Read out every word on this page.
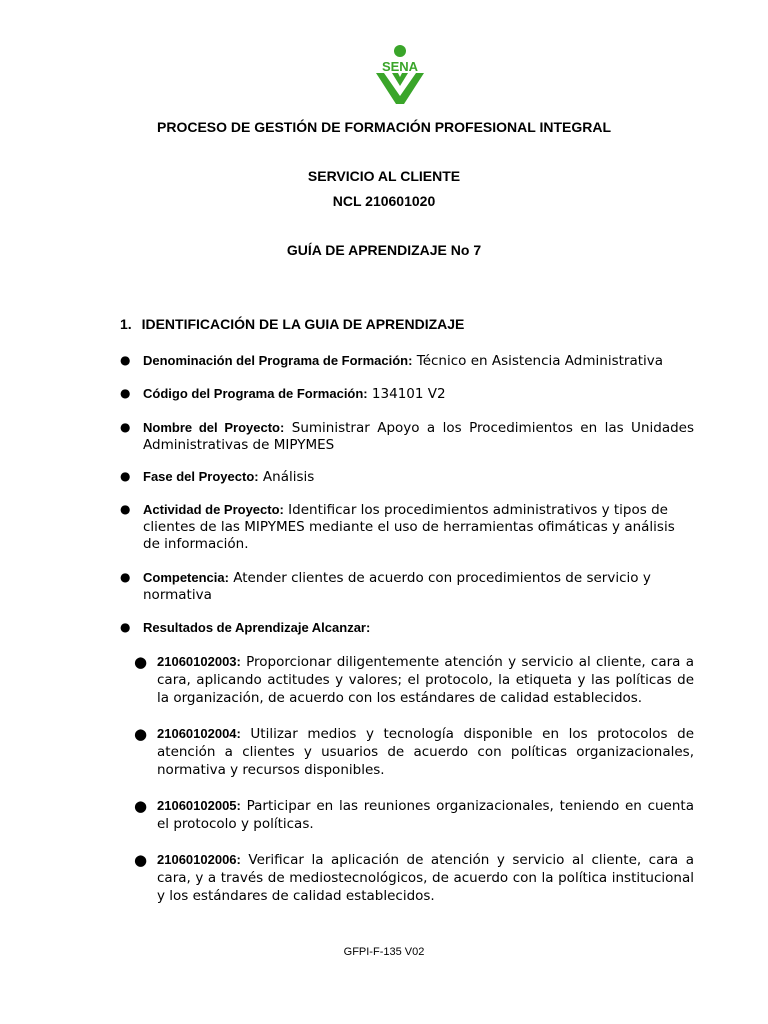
SENA
PROCESO DE GESTIÓN DE FORMACIÓN PROFESIONAL INTEGRAL
SERVICIO AL CLIENTE
NCL 210601020
GUÍA DE APRENDIZAJE No 7
1. IDENTIFICACIÓN DE LA GUIA DE APRENDIZAJE
● Denominación del Programa de Formación: Técnico en Asistencia Administrativa
● Código del Programa de Formación: 134101 V2
● Nombre del Proyecto: Suministrar Apoyo a los Procedimientos en las Unidades Administrativas de MIPYMES
● Fase del Proyecto: Análisis
● Actividad de Proyecto: Identificar los procedimientos administrativos y tipos de clientes de las MIPYMES mediante el uso de herramientas ofimáticas y análisis de información.
● Competencia: Atender clientes de acuerdo con procedimientos de servicio y normativa
● Resultados de Aprendizaje Alcanzar:
● 21060102003: Proporcionar diligentemente atención y servicio al cliente, cara a cara, aplicando actitudes y valores; el protocolo, la etiqueta y las políticas de la organización, de acuerdo con los estándares de calidad establecidos.
● 21060102004: Utilizar medios y tecnología disponible en los protocolos de atención a clientes y usuarios de acuerdo con políticas organizacionales, normativa y recursos disponibles.
● 21060102005: Participar en las reuniones organizacionales, teniendo en cuenta el protocolo y políticas.
● 21060102006: Verificar la aplicación de atención y servicio al cliente, cara a cara, y a través de mediostecnológicos, de acuerdo con la política institucional y los estándares de calidad establecidos.
GFPI-F-135 V02
